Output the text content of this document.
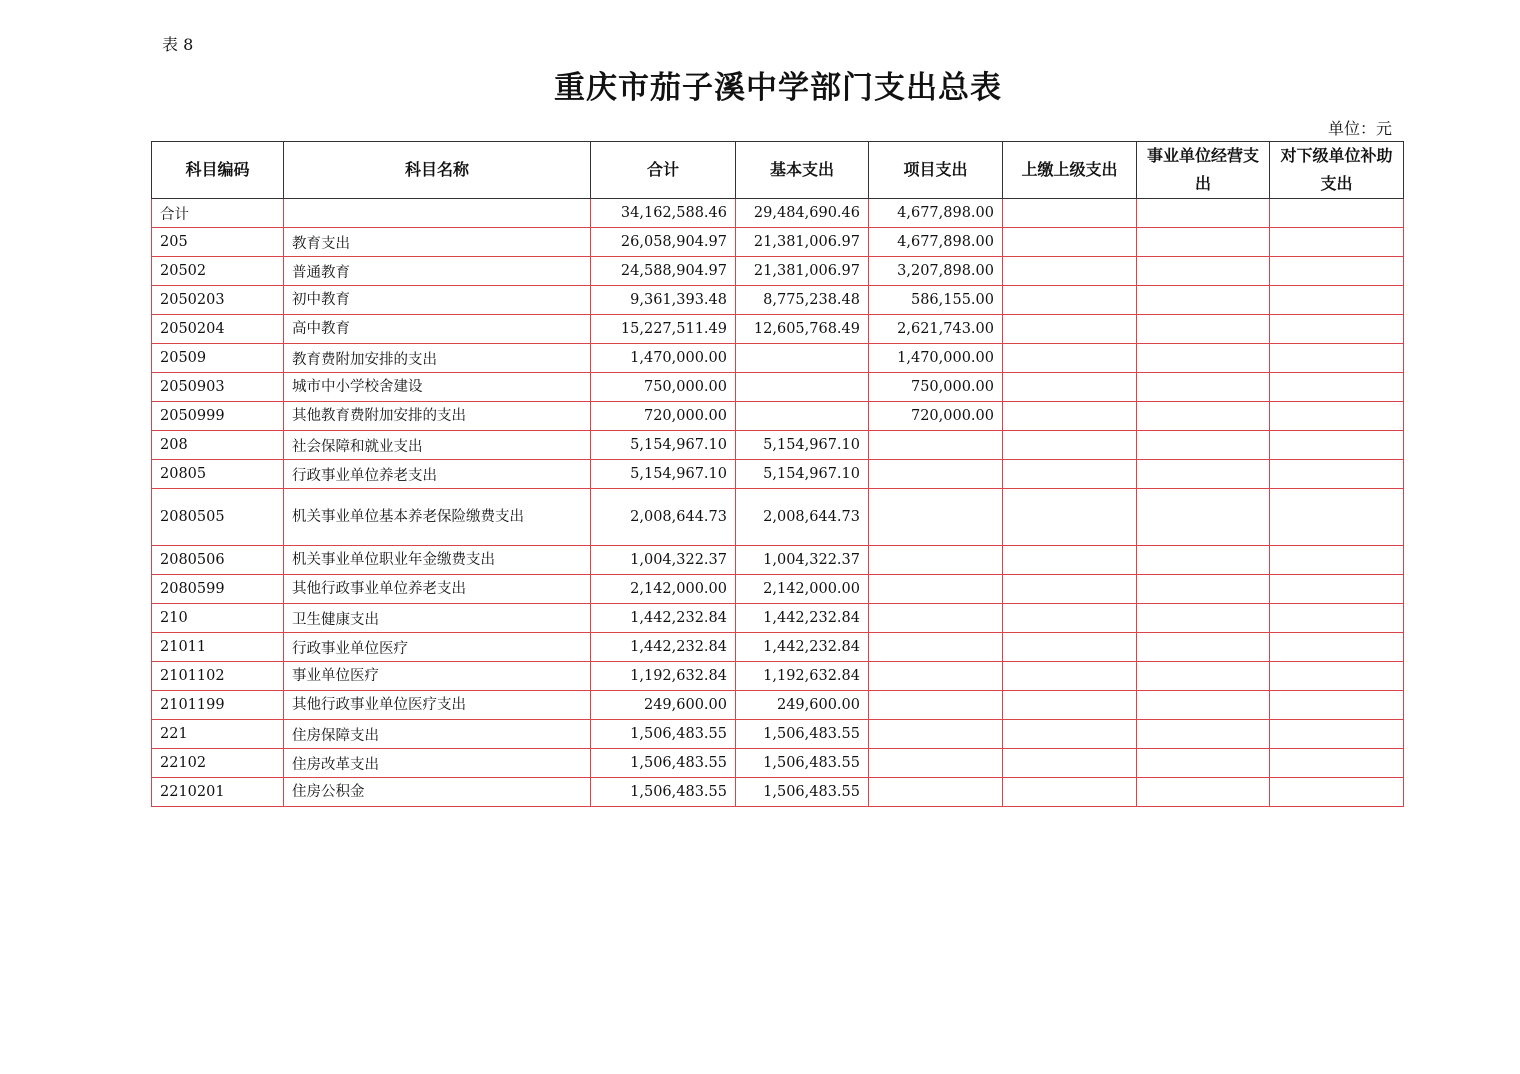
表 8
重庆市茄子溪中学部门支出总表
单位：元
科目编码	科目名称	合计	基本支出	项目支出	上缴上级支出	事业单位经营支出	对下级单位补助支出
合计		34,162,588.46	29,484,690.46	4,677,898.00			
205	教育支出	26,058,904.97	21,381,006.97	4,677,898.00			
20502	普通教育	24,588,904.97	21,381,006.97	3,207,898.00			
2050203	初中教育	9,361,393.48	8,775,238.48	586,155.00			
2050204	高中教育	15,227,511.49	12,605,768.49	2,621,743.00			
20509	教育费附加安排的支出	1,470,000.00		1,470,000.00			
2050903	城市中小学校舍建设	750,000.00		750,000.00			
2050999	其他教育费附加安排的支出	720,000.00		720,000.00			
208	社会保障和就业支出	5,154,967.10	5,154,967.10				
20805	行政事业单位养老支出	5,154,967.10	5,154,967.10				
2080505	机关事业单位基本养老保险缴费支出	2,008,644.73	2,008,644.73				
2080506	机关事业单位职业年金缴费支出	1,004,322.37	1,004,322.37				
2080599	其他行政事业单位养老支出	2,142,000.00	2,142,000.00				
210	卫生健康支出	1,442,232.84	1,442,232.84				
21011	行政事业单位医疗	1,442,232.84	1,442,232.84				
2101102	事业单位医疗	1,192,632.84	1,192,632.84				
2101199	其他行政事业单位医疗支出	249,600.00	249,600.00				
221	住房保障支出	1,506,483.55	1,506,483.55				
22102	住房改革支出	1,506,483.55	1,506,483.55				
2210201	住房公积金	1,506,483.55	1,506,483.55				
